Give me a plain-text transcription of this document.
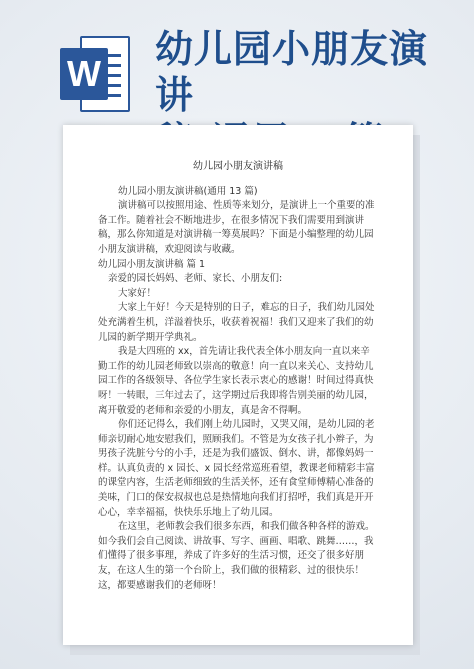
W
幼儿园小朋友演讲
幼儿园小朋友演讲稿

幼儿园小朋友演讲稿(通用 13 篇)

演讲稿可以按照用途、性质等来划分，是演讲上一个重要的准备工作。随着社会不断地进步，在很多情况下我们需要用到演讲稿，那么你知道是对演讲稿一筹莫展吗？下面是小编整理的幼儿园小朋友演讲稿，欢迎阅读与收藏。

幼儿园小朋友演讲稿 篇 1

亲爱的园长妈妈、老师、家长、小朋友们:

大家好！

大家上午好！今天是特别的日子，难忘的日子，我们幼儿园处处充满着生机，洋溢着快乐，收获着祝福！我们又迎来了我们的幼儿园的新学期开学典礼。

我是大四班的 xx，首先请让我代表全体小朋友向一直以来辛勤工作的幼儿园老师致以崇高的敬意！向一直以来关心、支持幼儿园工作的各级领导、各位学生家长表示衷心的感谢！时间过得真快呀！一转眼，三年过去了，这学期过后我即将告别美丽的幼儿园，离开敬爱的老师和亲爱的小朋友，真是舍不得啊。

你们还记得么，我们刚上幼儿园时，又哭又闹，是幼儿园的老师亲切耐心地安慰我们，照顾我们。不管是为女孩子扎小辫子，为男孩子洗脏兮兮的小手，还是为我们盛饭、倒水、讲，都像妈妈一样。认真负责的 x 园长、x 园长经常巡班看望，教课老师精彩丰富的课堂内容，生活老师细致的生活关怀，还有食堂师傅精心准备的美味，门口的保安叔叔也总是热情地向我们打招呼，我们真是开开心心，幸幸福福，快快乐乐地上了幼儿园。

在这里，老师教会我们很多东西，和我们做各种各样的游戏。如今我们会自己阅读、讲故事、写字、画画、唱歌、跳舞……，我们懂得了很多事理，养成了许多好的生活习惯，还交了很多好朋友，在这人生的第一个台阶上，我们做的很精彩、过的很快乐！这，都要感谢我们的老师呀！
